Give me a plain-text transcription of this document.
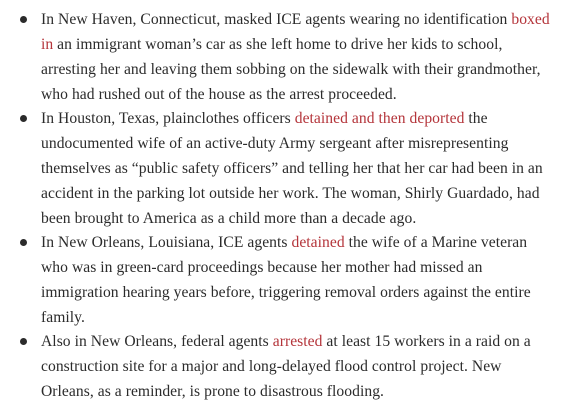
In New Haven, Connecticut, masked ICE agents wearing no identification boxed in an immigrant woman’s car as she left home to drive her kids to school, arresting her and leaving them sobbing on the sidewalk with their grandmother, who had rushed out of the house as the arrest proceeded.
In Houston, Texas, plainclothes officers detained and then deported the undocumented wife of an active-duty Army sergeant after misrepresenting themselves as “public safety officers” and telling her that her car had been in an accident in the parking lot outside her work. The woman, Shirly Guardado, had been brought to America as a child more than a decade ago.
In New Orleans, Louisiana, ICE agents detained the wife of a Marine veteran who was in green-card proceedings because her mother had missed an immigration hearing years before, triggering removal orders against the entire family.
Also in New Orleans, federal agents arrested at least 15 workers in a raid on a construction site for a major and long-delayed flood control project. New Orleans, as a reminder, is prone to disastrous flooding.
